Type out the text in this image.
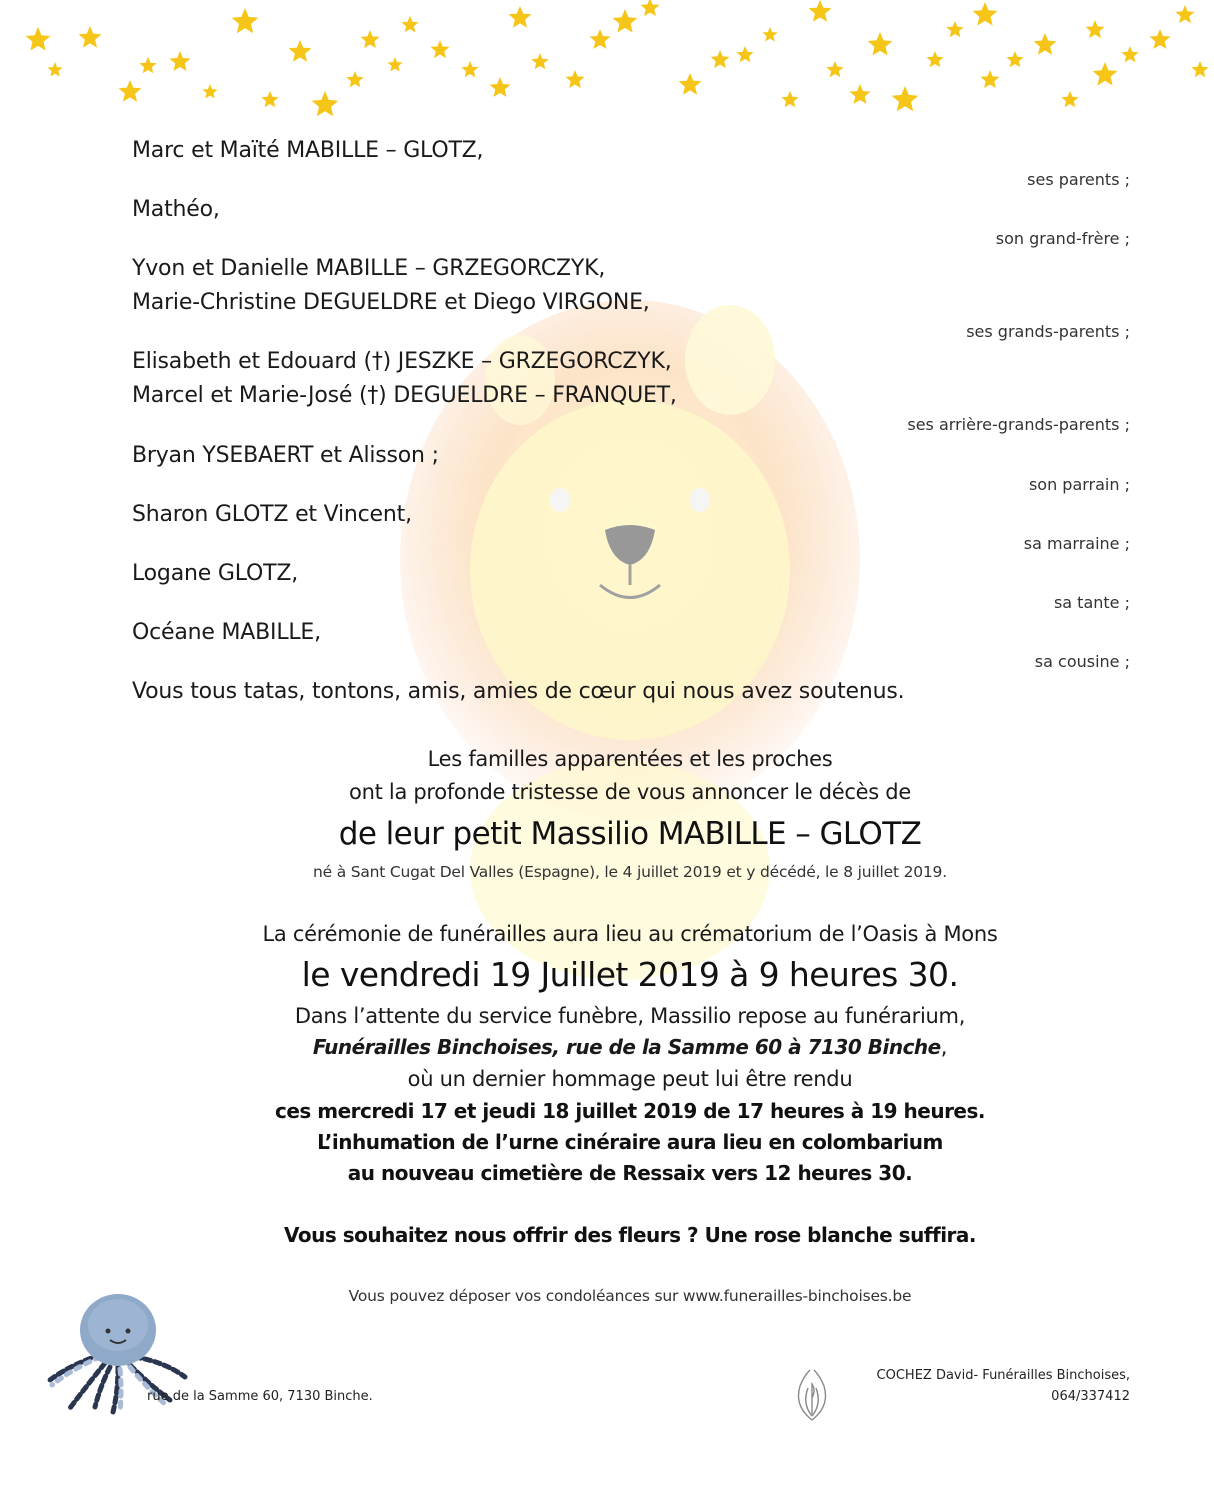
Marc et Maïté MABILLE – GLOTZ,
ses parents ;
Mathéo,
son grand-frère ;
Yvon et Danielle MABILLE – GRZEGORCZYK,
Marie-Christine DEGUELDRE et Diego VIRGONE,
ses grands-parents ;
Elisabeth et Edouard (†) JESZKE – GRZEGORCZYK,
Marcel et Marie-José (†) DEGUELDRE – FRANQUET,
ses arrière-grands-parents ;
Bryan YSEBAERT et Alisson ;
son parrain ;
Sharon GLOTZ et Vincent,
sa marraine ;
Logane GLOTZ,
sa tante ;
Océane MABILLE,
sa cousine ;
Vous tous tatas, tontons, amis, amies de cœur qui nous avez soutenus.
Les familles apparentées et les proches
ont la profonde tristesse de vous annoncer le décès de
de leur petit Massilio MABILLE – GLOTZ
né à Sant Cugat Del Valles (Espagne), le 4 juillet 2019 et y décédé, le 8 juillet 2019.
La cérémonie de funérailles aura lieu au crématorium de l’Oasis à Mons
le vendredi 19 Juillet 2019 à 9 heures 30.
Dans l’attente du service funèbre, Massilio repose au funérarium,
Funérailles Binchoises, rue de la Samme 60 à 7130 Binche,
où un dernier hommage peut lui être rendu
ces mercredi 17 et jeudi 18 juillet 2019 de 17 heures à 19 heures.
L’inhumation de l’urne cinéraire aura lieu en colombarium
au nouveau cimetière de Ressaix vers 12 heures 30.
Vous souhaitez nous offrir des fleurs ? Une rose blanche suffira.
Vous pouvez déposer vos condoléances sur www.funerailles-binchoises.be
rue de la Samme 60, 7130 Binche.
COCHEZ David- Funérailles Binchoises,
064/337412
